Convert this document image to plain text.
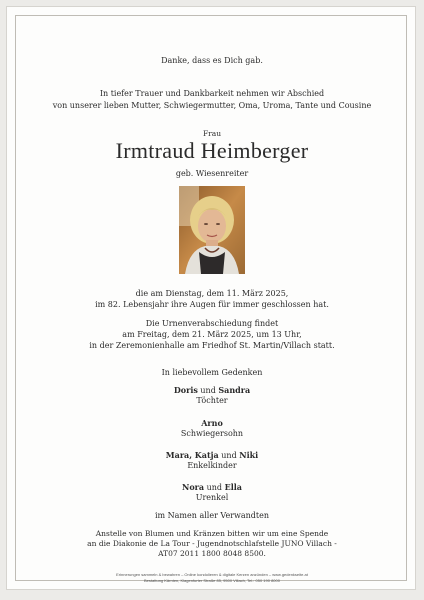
Danke, dass es Dich gab.

In tiefer Trauer und Dankbarkeit nehmen wir Abschied

von unserer lieben Mutter, Schwiegermutter, Oma, Uroma, Tante und Cousine

Frau

Irmtraud Heimberger

geb. Wiesenreiter

die am Dienstag, dem 11. März 2025,

im 82. Lebensjahr ihre Augen für immer geschlossen hat.

Die Urnenverabschiedung findet

am Freitag, dem 21. März 2025, um 13 Uhr,

in der Zeremonienhalle am Friedhof St. Martin/Villach statt.

In liebevollem Gedenken

Doris und Sandra

Töchter

Arno

Schwiegersohn

Mara, Katja und Niki

Enkelkinder

Nora und Ella

Urenkel

im Namen aller Verwandten

Anstelle von Blumen und Kränzen bitten wir um eine Spende

an die Diakonie de La Tour - Jugendnotschlafstelle JUNO Villach -

AT07 2011 1800 8048 8500.

Erinnerungen sammeln & bewahren – Online kondolieren & digitale Kerzen anzünden – www.gedenkseite.at
Bestattung Kärnten, Klagenfurter Straße 85, 9500 Villach, Tel.: 050 190 8000
